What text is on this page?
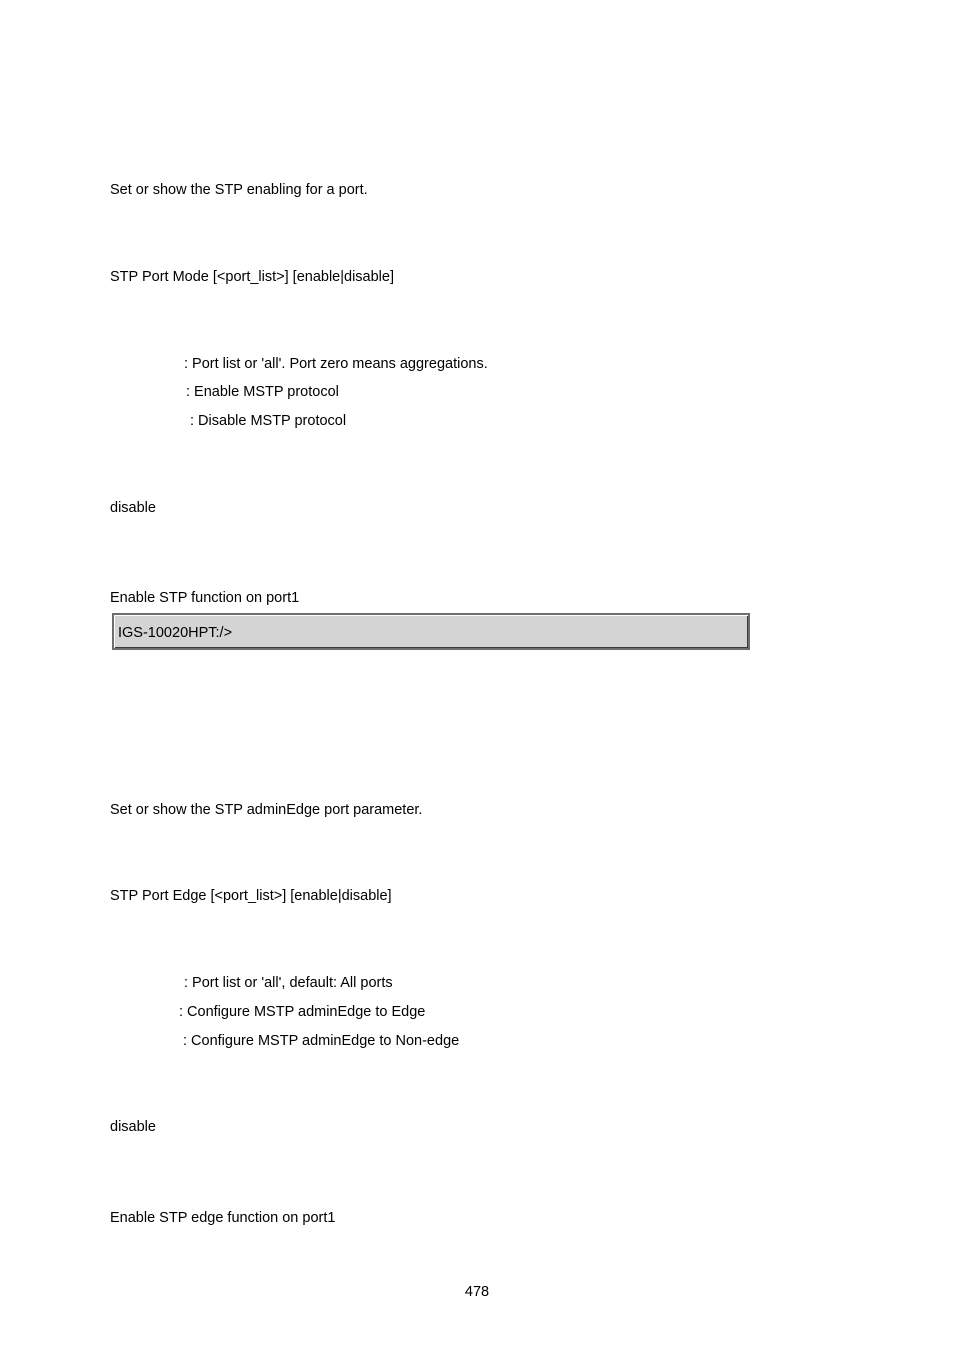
Set or show the STP enabling for a port.
STP Port Mode [<port_list>] [enable|disable]
: Port list or 'all'. Port zero means aggregations.
: Enable MSTP protocol
: Disable MSTP protocol
disable
Enable STP function on port1
IGS-10020HPT:/>
Set or show the STP adminEdge port parameter.
STP Port Edge [<port_list>] [enable|disable]
: Port list or 'all', default: All ports
: Configure MSTP adminEdge to Edge
: Configure MSTP adminEdge to Non-edge
disable
Enable STP edge function on port1
478
